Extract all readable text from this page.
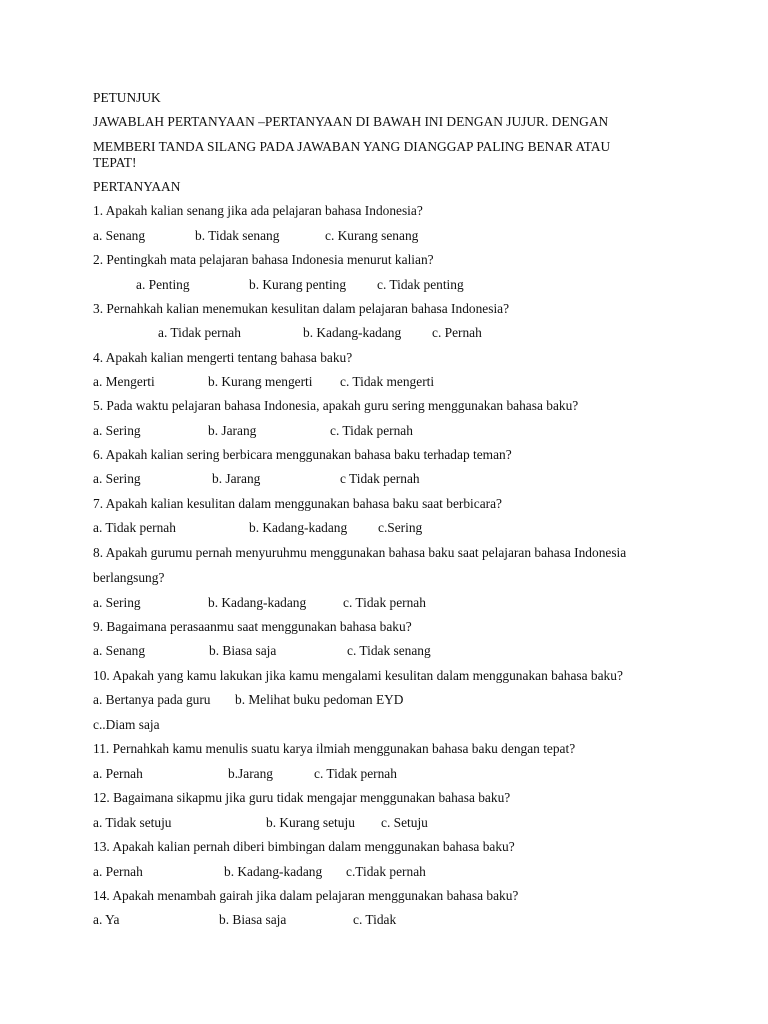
PETUNJUK
JAWABLAH PERTANYAAN –PERTANYAAN DI BAWAH INI DENGAN JUJUR. DENGAN
MEMBERI TANDA SILANG PADA JAWABAN YANG DIANGGAP PALING BENAR ATAU
TEPAT!
PERTANYAAN
1. Apakah kalian senang jika ada pelajaran bahasa Indonesia?
a. Senang	b. Tidak senang	c. Kurang senang
2. Pentingkah mata pelajaran bahasa Indonesia menurut kalian?
a. Penting	b. Kurang penting c. Tidak penting
3. Pernahkah kalian menemukan kesulitan dalam pelajaran bahasa Indonesia?
a. Tidak pernah	b. Kadang-kadang c. Pernah
4. Apakah kalian mengerti tentang bahasa baku?
a. Mengerti	b. Kurang mengerti c. Tidak mengerti
5. Pada waktu pelajaran bahasa Indonesia, apakah guru sering menggunakan bahasa baku?
a. Sering	b. Jarang	c. Tidak pernah
6. Apakah kalian sering berbicara menggunakan bahasa baku terhadap teman?
a. Sering	b. Jarang	c Tidak pernah
7. Apakah kalian kesulitan dalam menggunakan bahasa baku saat berbicara?
a. Tidak pernah	b. Kadang-kadang c.Sering
8. Apakah gurumu pernah menyuruhmu menggunakan bahasa baku saat pelajaran bahasa Indonesia
berlangsung?
a. Sering	b. Kadang-kadang	c. Tidak pernah
9. Bagaimana perasaanmu saat menggunakan bahasa baku?
a. Senang	b. Biasa saja	c. Tidak senang
10. Apakah yang kamu lakukan jika kamu mengalami kesulitan dalam menggunakan bahasa baku?
a. Bertanya pada guru b. Melihat buku pedoman EYD
c..Diam saja
11. Pernahkah kamu menulis suatu karya ilmiah menggunakan bahasa baku dengan tepat?
a. Pernah	b.Jarang	c. Tidak pernah
12. Bagaimana sikapmu jika guru tidak mengajar menggunakan bahasa baku?
a. Tidak setuju	b. Kurang setuju c. Setuju
13. Apakah kalian pernah diberi bimbingan dalam menggunakan bahasa baku?
a. Pernah	b. Kadang-kadang c.Tidak pernah
14. Apakah menambah gairah jika dalam pelajaran menggunakan bahasa baku?
a. Ya	b. Biasa saja	c. Tidak
